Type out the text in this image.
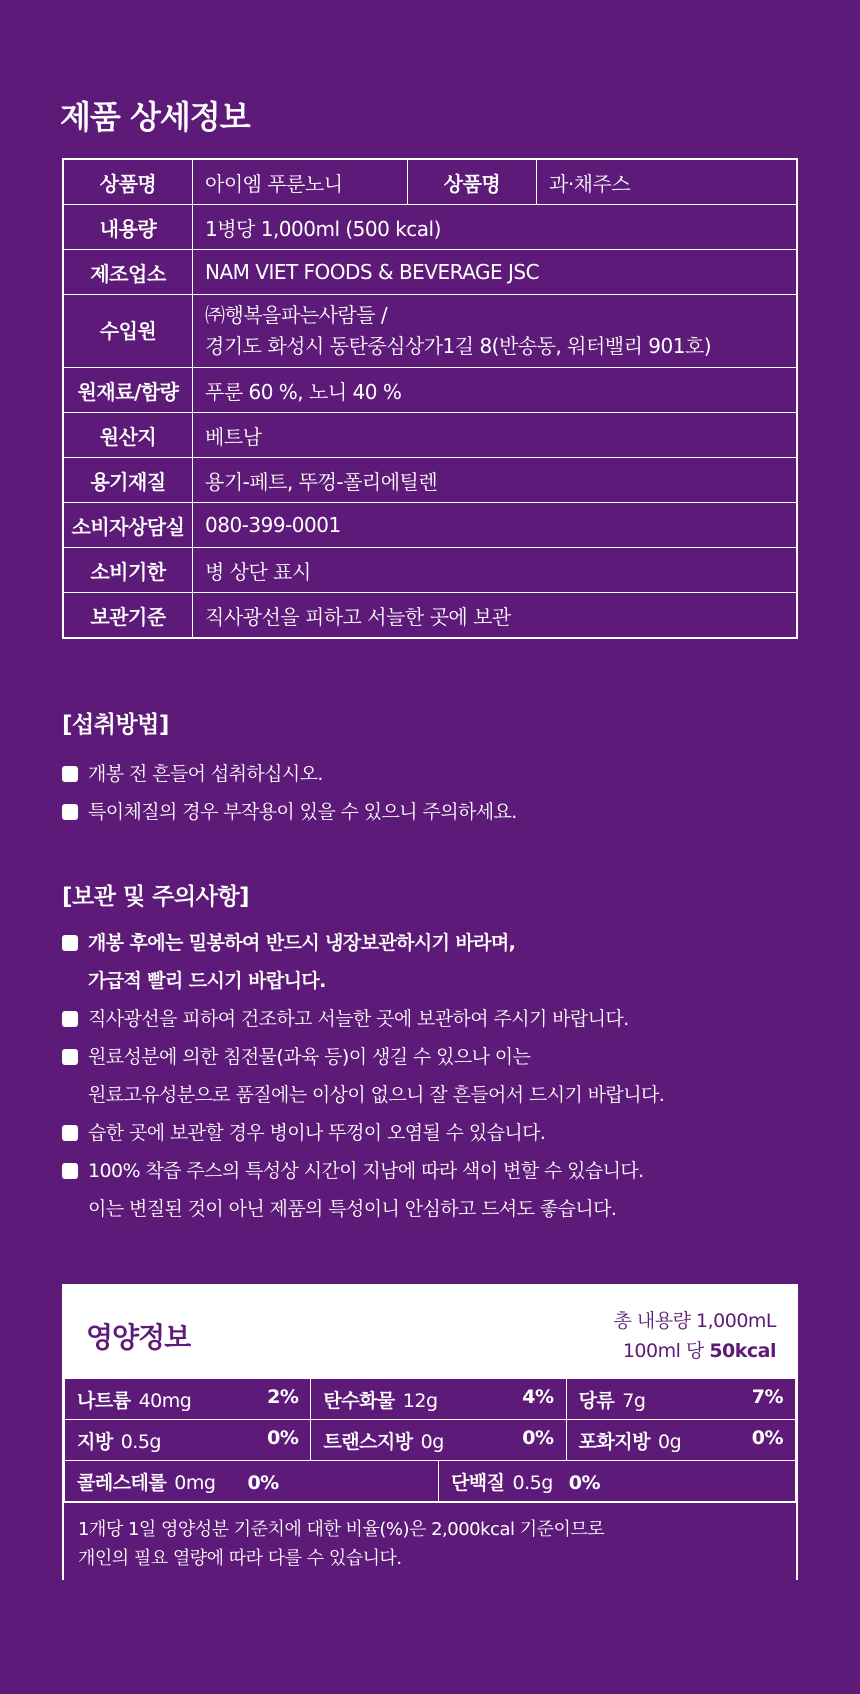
제품 상세정보
상품명	아이엠 푸룬노니	상품명	과·채주스
내용량	1병당 1,000ml (500 kcal)		
제조업소	NAM VIET FOODS & BEVERAGE JSC		
수입원	㈜행복을파는사람들 /
경기도 화성시 동탄중심상가1길 8(반송동, 워터밸리 901호)		
원재료/함량	푸룬 60 %, 노니 40 %		
원산지	베트남		
용기재질	용기-페트, 뚜껑-폴리에틸렌		
소비자상담실	080-399-0001		
소비기한	병 상단 표시		
보관기준	직사광선을 피하고 서늘한 곳에 보관		
[섭취방법]
개봉 전 흔들어 섭취하십시오.
특이체질의 경우 부작용이 있을 수 있으니 주의하세요.
[보관 및 주의사항]
개봉 후에는 밀봉하여 반드시 냉장보관하시기 바라며,
가급적 빨리 드시기 바랍니다.
직사광선을 피하여 건조하고 서늘한 곳에 보관하여 주시기 바랍니다.
원료성분에 의한 침전물(과육 등)이 생길 수 있으나 이는
원료고유성분으로 품질에는 이상이 없으니 잘 흔들어서 드시기 바랍니다.
습한 곳에 보관할 경우 병이나 뚜껑이 오염될 수 있습니다.
100% 착즙 주스의 특성상 시간이 지남에 따라 색이 변할 수 있습니다.
이는 변질된 것이 아닌 제품의 특성이니 안심하고 드셔도 좋습니다.
영양정보	총 내용량 1,000mL
100ml 당 50kcal
나트륨 40mg 2%	탄수화물 12g 4%		당류 7g 7%

지방 0.5g 0%	트랜스지방 0g 0%		포화지방 0g 0%

콜레스테롤 0mg 0%		단백질 0.5g 0%	
1개당 1일 영양성분 기준치에 대한 비율(%)은 2,000kcal 기준이므로
개인의 필요 열량에 따라 다를 수 있습니다.
